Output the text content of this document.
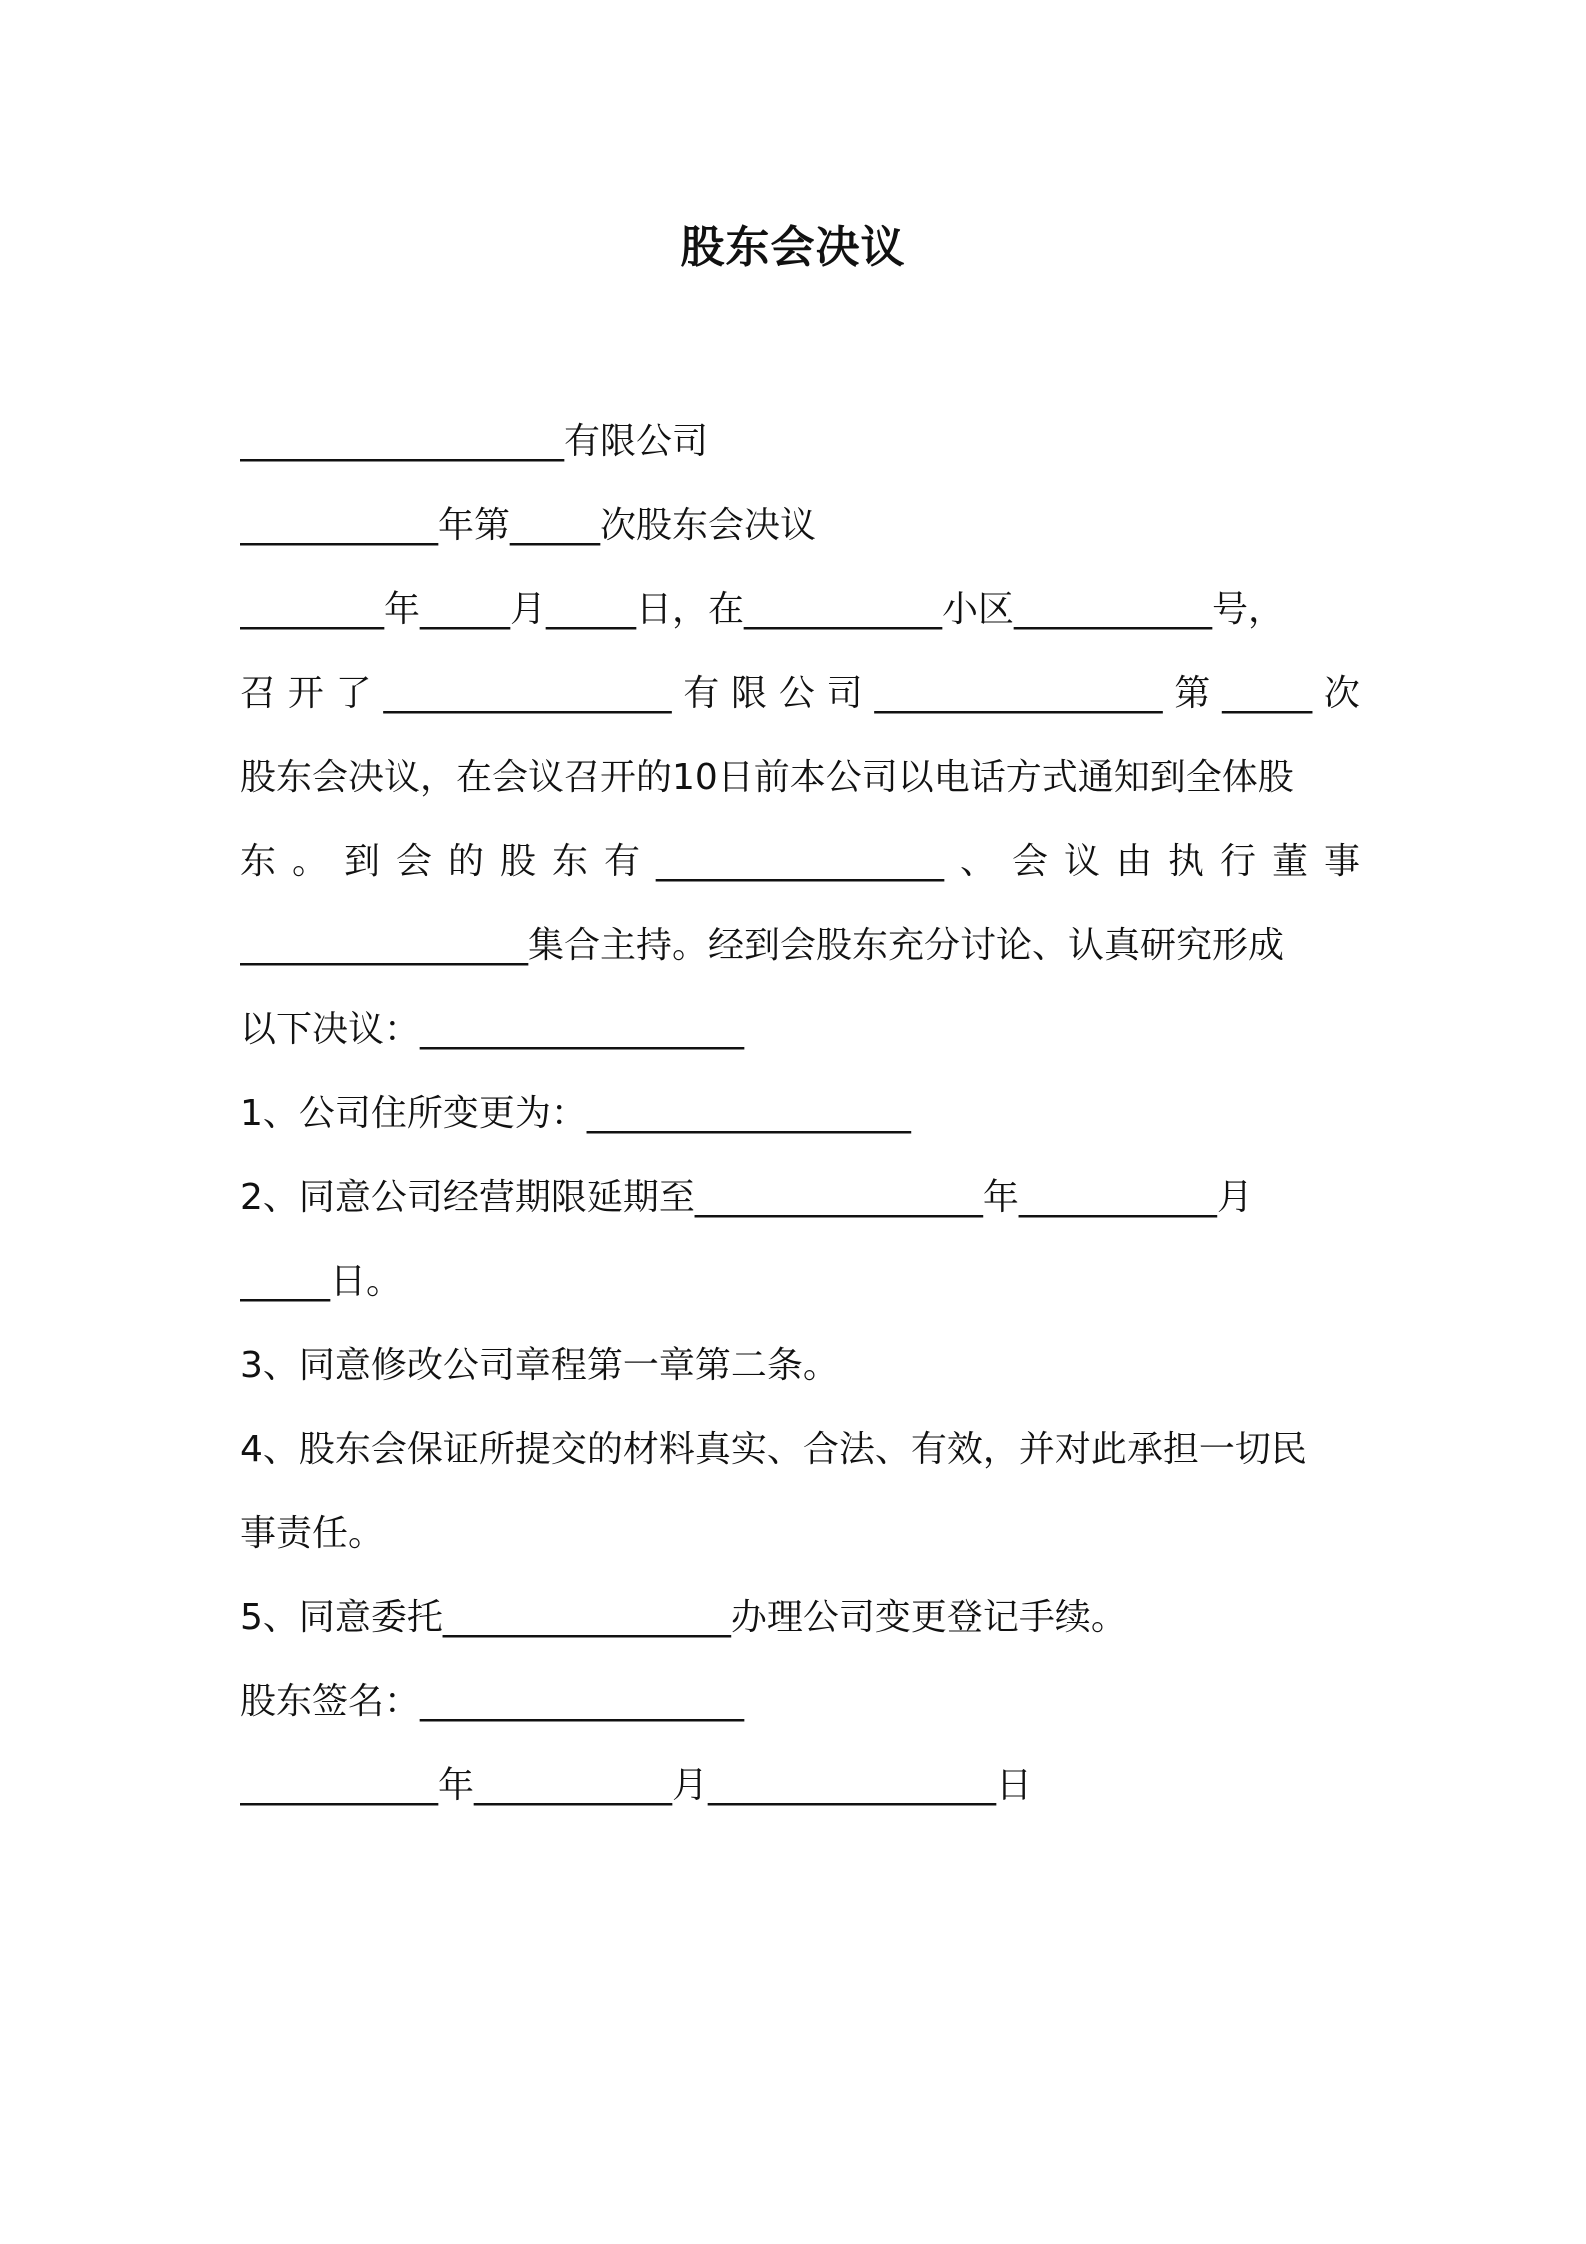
股东会决议
__________________有限公司
___________年第_____次股东会决议
________年_____月_____日，在___________小区___________号，
召 开 了 ________________ 有 限 公 司 ________________ 第 _____ 次
股东会决议，在会议召开的10日前本公司以电话方式通知到全体股
东 。 到 会 的 股 东 有 ________________ 、 会 议 由 执 行 董 事
________________集合主持。经到会股东充分讨论、认真研究形成
以下决议：__________________
1、公司住所变更为：__________________
2、同意公司经营期限延期至________________年___________月
_____日。
3、同意修改公司章程第一章第二条。
4、股东会保证所提交的材料真实、合法、有效，并对此承担一切民
事责任。
5、同意委托________________办理公司变更登记手续。
股东签名：__________________
___________年___________月________________日
